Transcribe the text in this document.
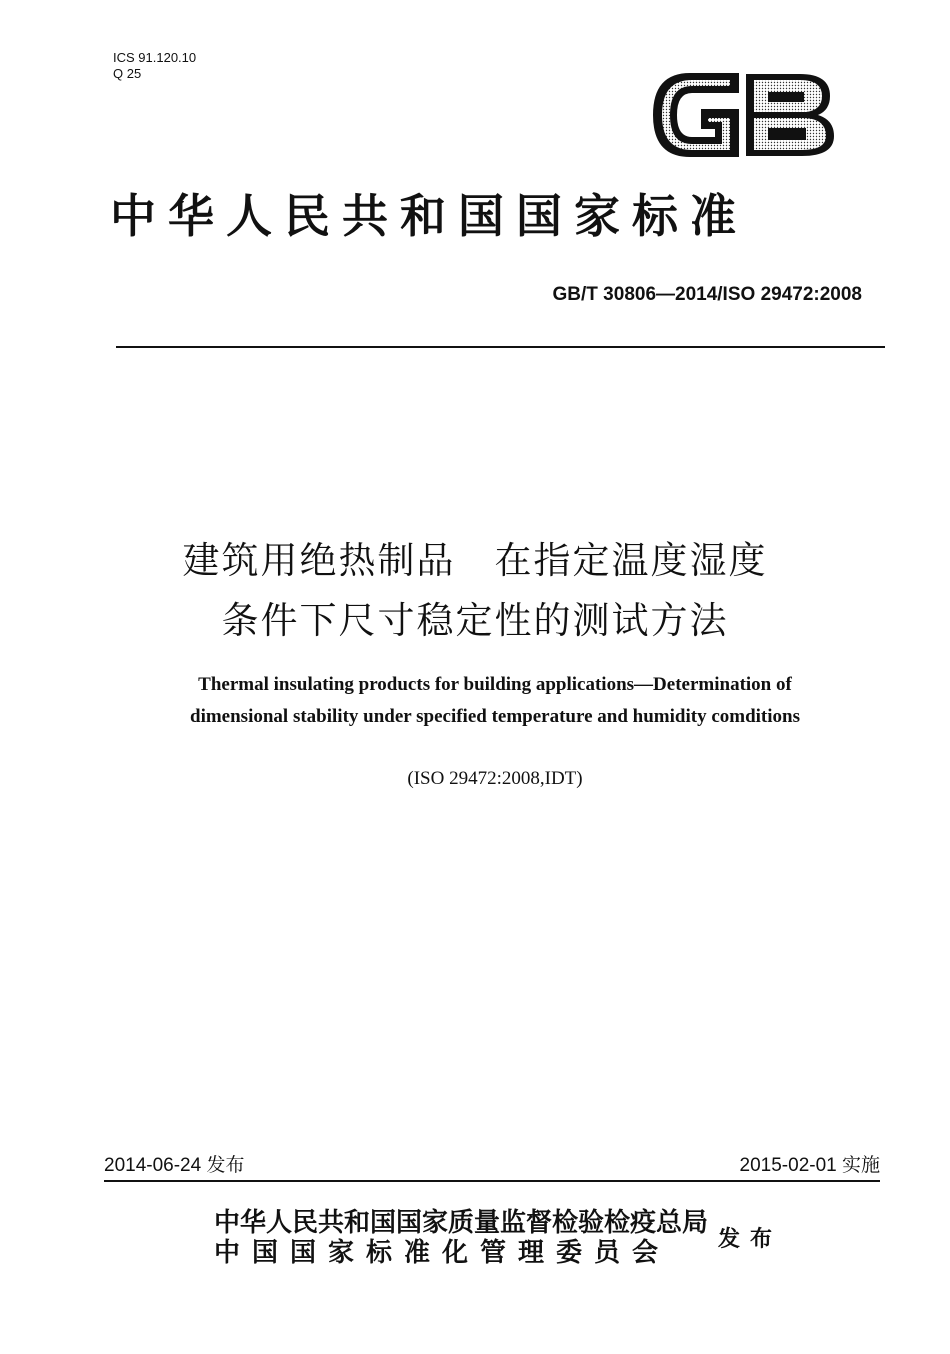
ICS 91.120.10
Q 25
中华人民共和国国家标准
GB/T 30806—2014/ISO 29472:2008
建筑用绝热制品　在指定温度湿度
条件下尺寸稳定性的测试方法
Thermal insulating products for building applications—Determination of
dimensional stability under specified temperature and humidity comditions
(ISO 29472:2008,IDT)
2014-06-24 发布	2015-02-01 实施
中华人民共和国国家质量监督检验检疫总局
中国国家标准化管理委员会 发布
